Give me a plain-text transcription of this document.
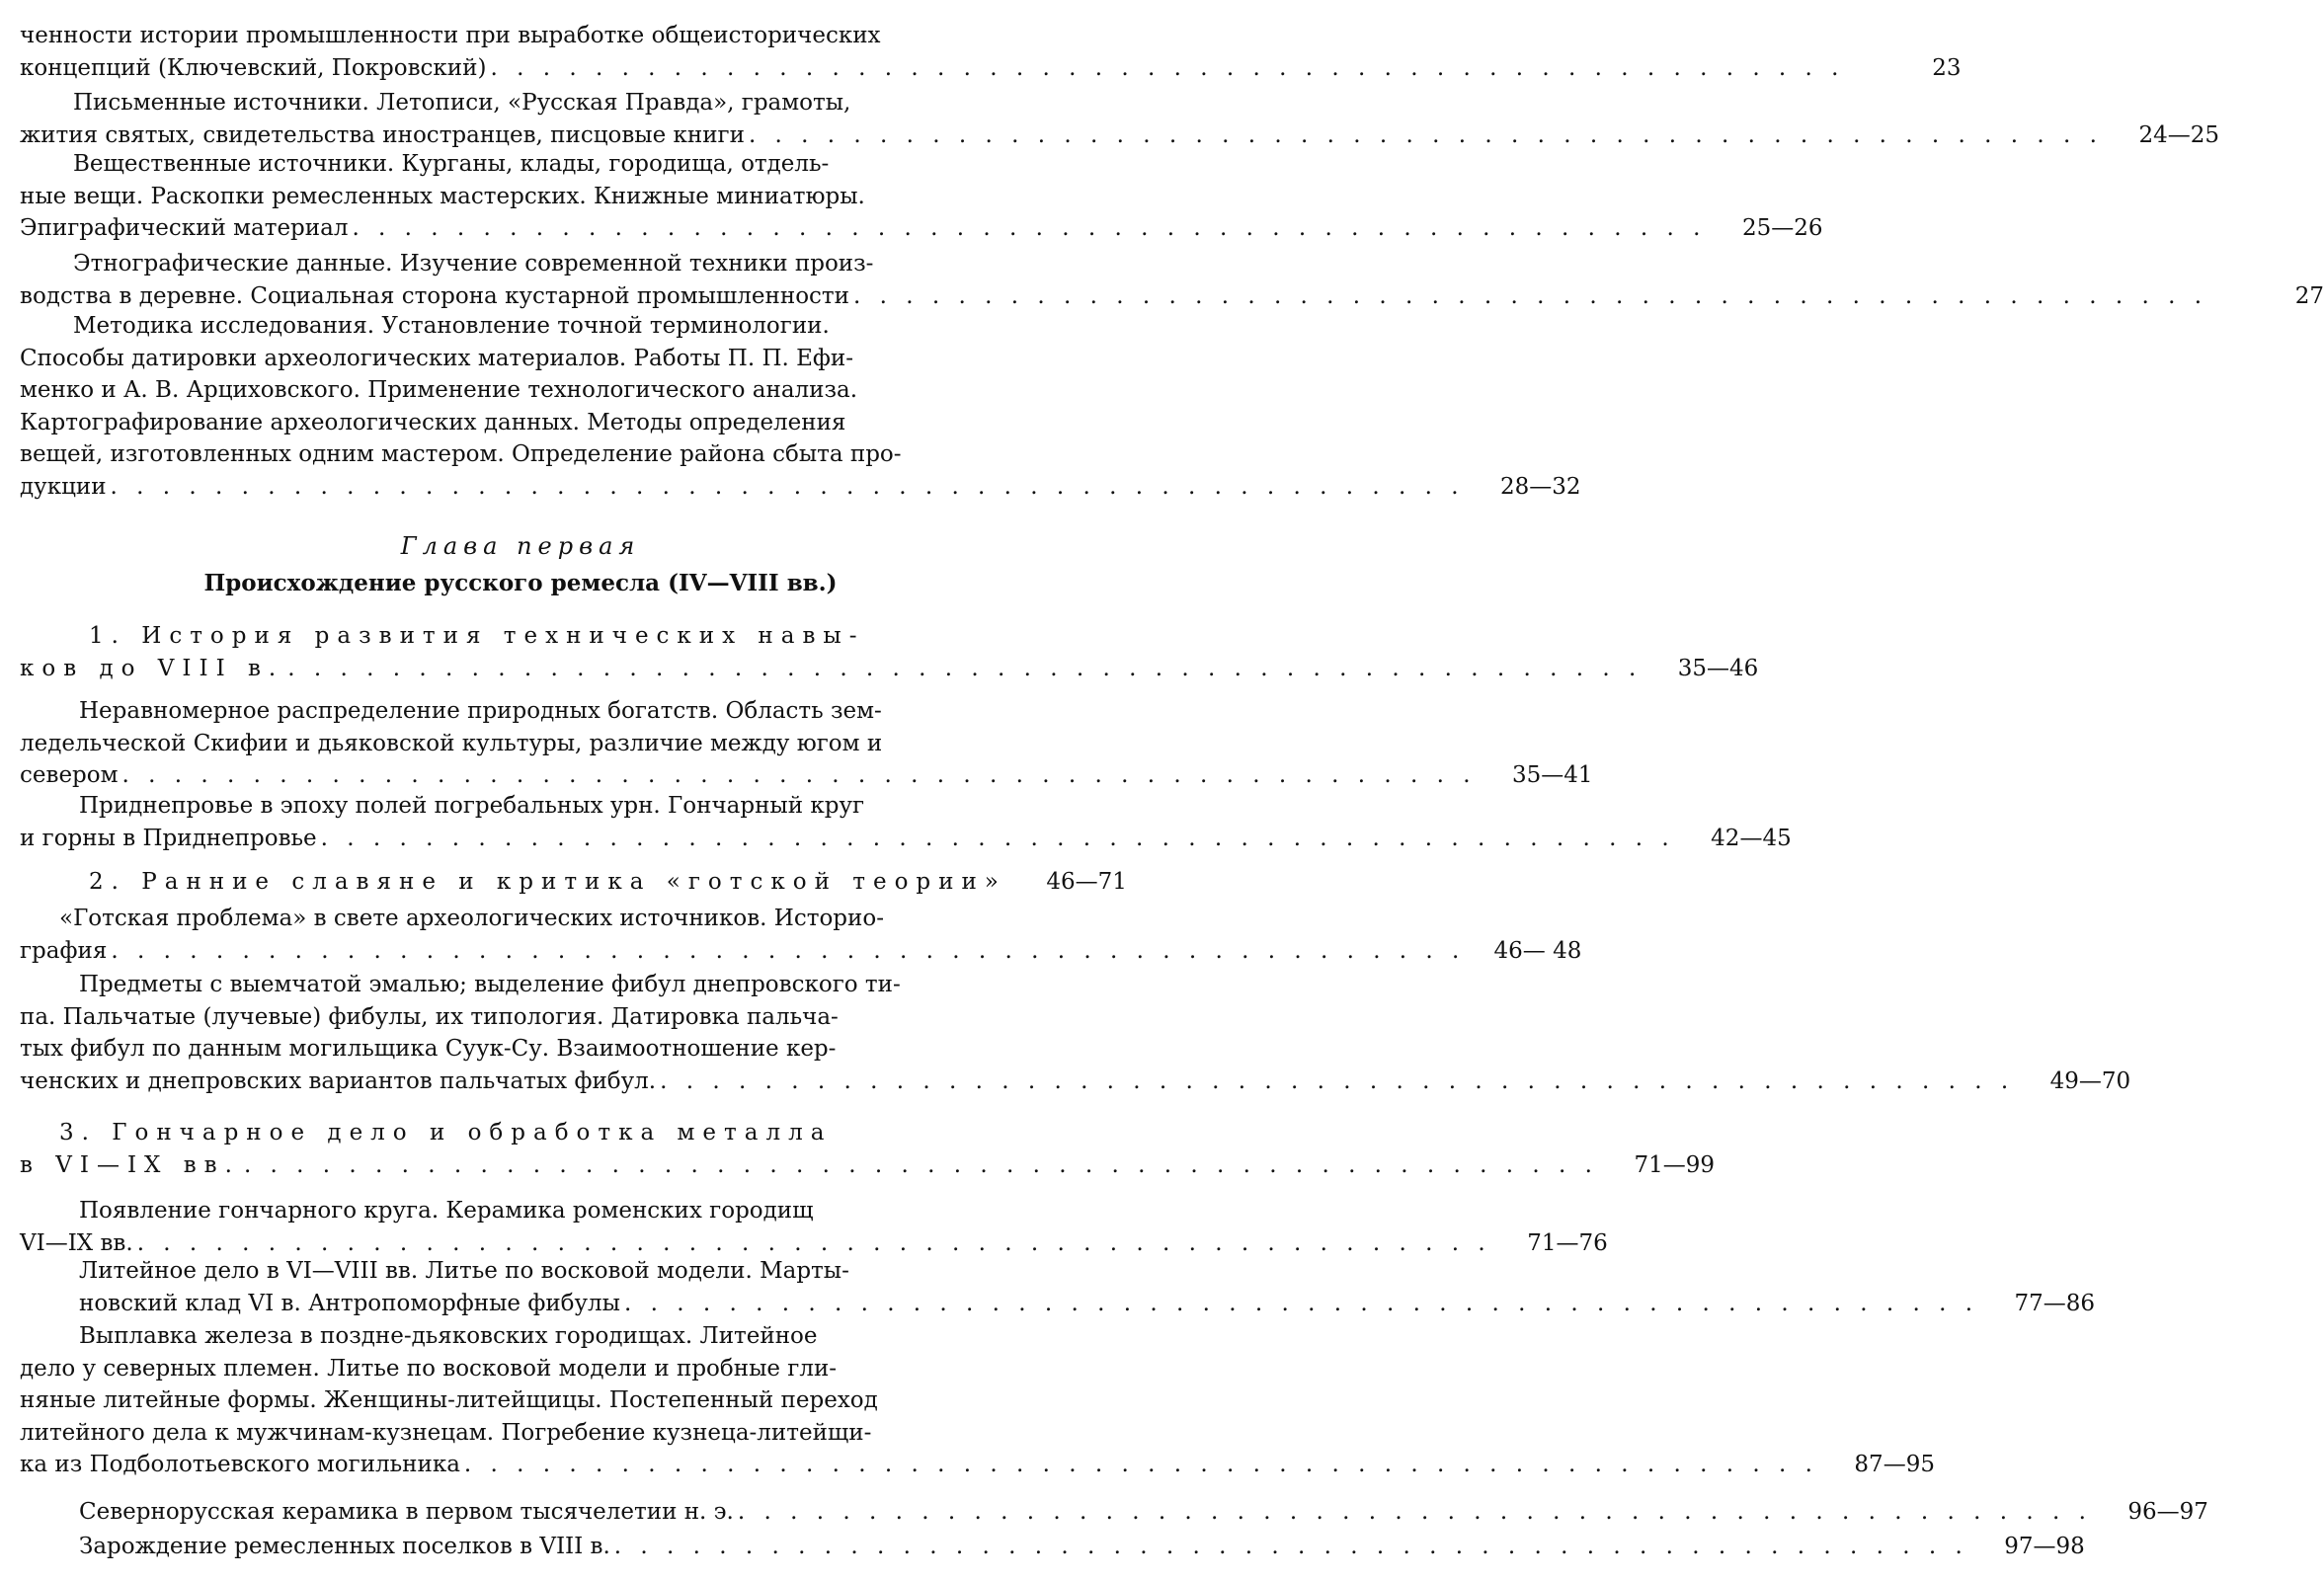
ченности истории промышленности при выработке общеисторических
концепций (Ключевский, Покровский) . . .	23
Письменные источники. Летописи, «Русская Правда», грамоты,
жития святых, свидетельства иностранцев, писцовые книги . . .	24—25
Вещественные источники. Курганы, клады, городища, отдель-
ные вещи. Раскопки ремесленных мастерских. Книжные миниатюры.
Эпиграфический материал . . .	25—26
Этнографические данные. Изучение современной техники произ-
водства в деревне. Социальная сторона кустарной промышленности . . .	27
Методика исследования. Установление точной терминологии.
Способы датировки археологических материалов. Работы П. П. Ефи-
менко и А. В. Арциховского. Применение технологического анализа.
Картографирование археологических данных. Методы определения
вещей, изготовленных одним мастером. Определение района сбыта про-
дукции . . .	28—32
Глава первая
Происхождение русского ремесла (IV—VIII вв.)
1. История развития технических навы-
ков до VIII в. . . .	35—46
Неравномерное распределение природных богатств. Область зем-
ледельческой Скифии и дьяковской культуры, различие между югом и
севером . . .	35—41
Приднепровье в эпоху полей погребальных урн. Гончарный круг
и горны в Приднепровье . . .	42—45
2. Ранние славяне и критика «готской теории»	46—71
«Готская проблема» в свете археологических источников. Историо-
графия . . .	46— 48
Предметы с выемчатой эмалью; выделение фибул днепровского ти-
па. Пальчатые (лучевые) фибулы, их типология. Датировка пальча-
тых фибул по данным могильщика Суук-Су. Взаимоотношение кер-
ченских и днепровских вариантов пальчатых фибул. . . .	49—70
3. Гончарное дело и обработка металла
в VI—IX вв. . . .	71—99
Появление гончарного круга. Керамика роменских городищ
VI—IX вв. . . .	71—76
Литейное дело в VI—VIII вв. Литье по восковой модели. Марты-
новский клад VI в. Антропоморфные фибулы . . .	77—86
Выплавка железа в поздне-дьяковских городищах. Литейное
дело у северных племен. Литье по восковой модели и пробные гли-
няные литейные формы. Женщины-литейщицы. Постепенный переход
литейного дела к мужчинам-кузнецам. Погребение кузнеца-литейщи-
ка из Подболотьевского могильника . . .	87—95
Севернорусская керамика в первом тысячелетии н. э. . . .	96—97
Зарождение ремесленных поселков в VIII в. . . .	97—98
